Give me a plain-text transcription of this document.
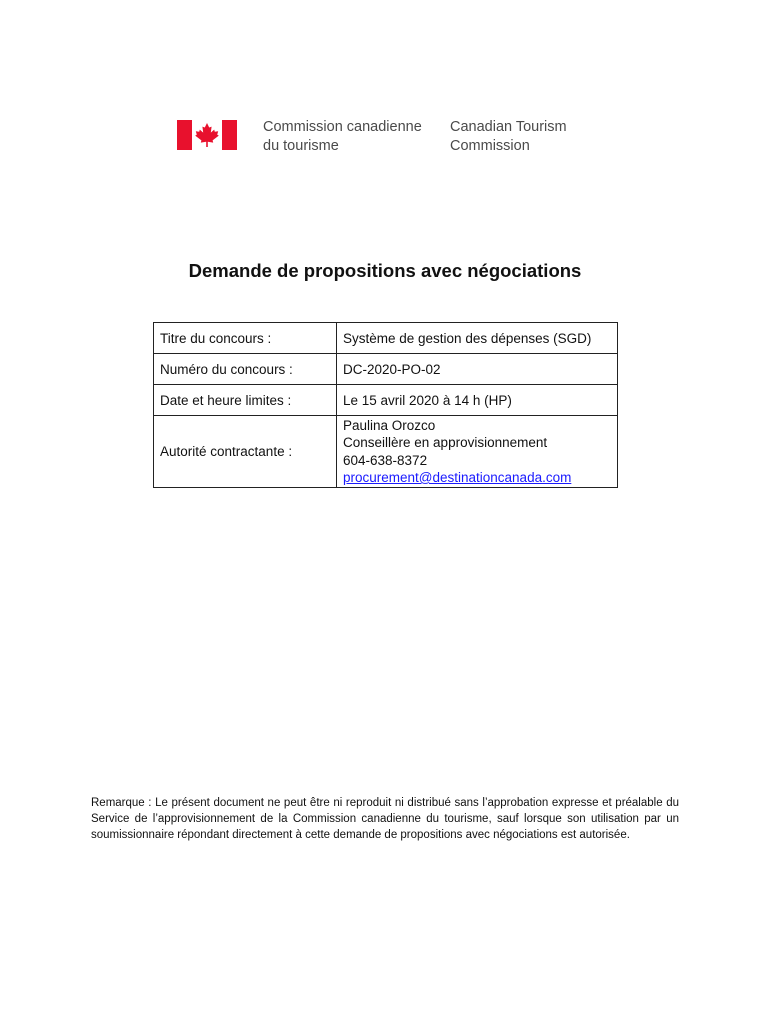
Commission canadienne
du tourisme
Canadian Tourism
Commission
Demande de propositions avec négociations
Titre du concours :	Système de gestion des dépenses (SGD)
Numéro du concours :	DC-2020-PO-02
Date et heure limites :	Le 15 avril 2020 à 14 h (HP)
Autorité contractante :	Paulina Orozco
Conseillère en approvisionnement
604-638-8372
procurement@destinationcanada.com

Remarque : Le présent document ne peut être ni reproduit ni distribué sans l’approbation expresse et préalable du Service de l’approvisionnement de la Commission canadienne du tourisme, sauf lorsque son utilisation par un soumissionnaire répondant directement à cette demande de propositions avec négociations est autorisée.
